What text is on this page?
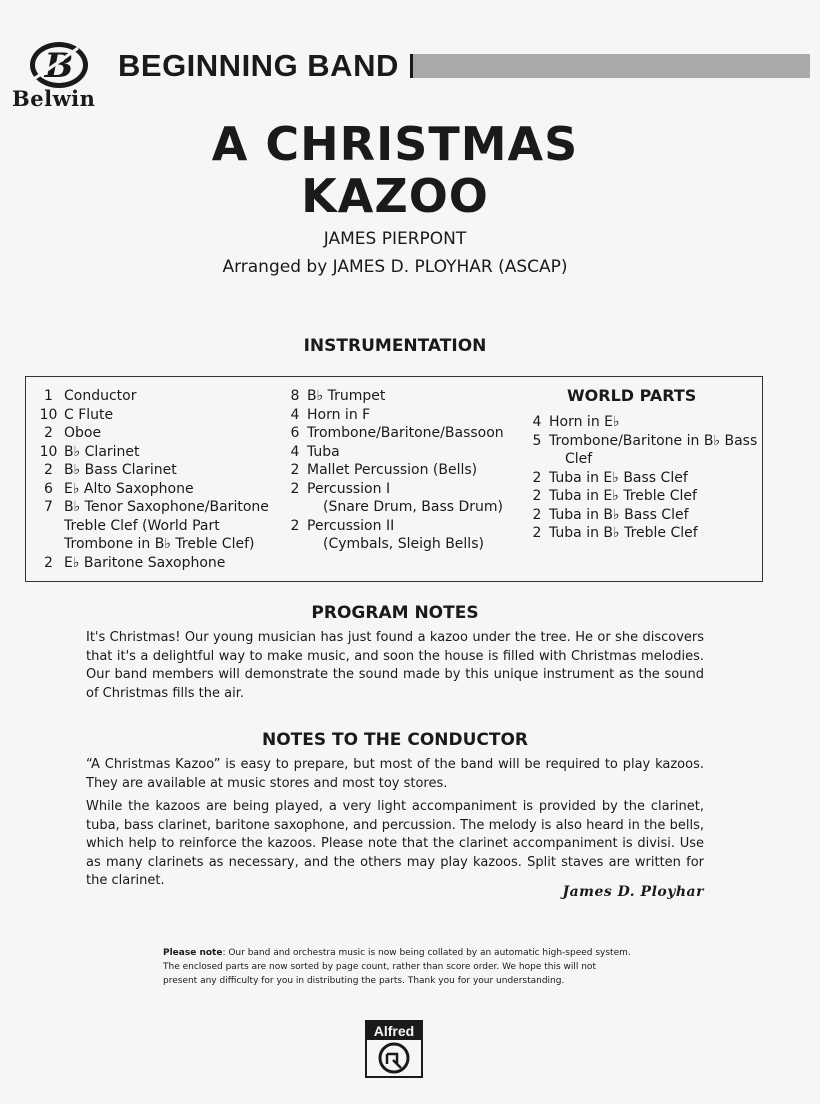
B
Belwin
BEGINNING BAND
A CHRISTMAS
KAZOO
JAMES PIERPONT
Arranged by JAMES D. PLOYHAR (ASCAP)
INSTRUMENTATION
1 Conductor
10 C Flute
2 Oboe
10 B♭ Clarinet
2 B♭ Bass Clarinet
6 E♭ Alto Saxophone
7 B♭ Tenor Saxophone/Baritone
Treble Clef (World Part
Trombone in B♭ Treble Clef)
2 E♭ Baritone Saxophone
8 B♭ Trumpet
4 Horn in F
6 Trombone/Baritone/Bassoon
4 Tuba
2 Mallet Percussion (Bells)
2 Percussion I
(Snare Drum, Bass Drum)
2 Percussion II
(Cymbals, Sleigh Bells)
WORLD PARTS
4 Horn in E♭
5 Trombone/Baritone in B♭ Bass
Clef
2 Tuba in E♭ Bass Clef
2 Tuba in E♭ Treble Clef
2 Tuba in B♭ Bass Clef
2 Tuba in B♭ Treble Clef
PROGRAM NOTES
It's Christmas! Our young musician has just found a kazoo under the tree. He or she discovers that it's a delightful way to make music, and soon the house is filled with Christmas melodies. Our band members will demonstrate the sound made by this unique instrument as the sound of Christmas fills the air.
NOTES TO THE CONDUCTOR
“A Christmas Kazoo” is easy to prepare, but most of the band will be required to play kazoos. They are available at music stores and most toy stores.
While the kazoos are being played, a very light accompaniment is provided by the clarinet, tuba, bass clarinet, baritone saxophone, and percussion. The melody is also heard in the bells, which help to reinforce the kazoos. Please note that the clarinet accompaniment is divisi. Use as many clarinets as necessary, and the others may play kazoos. Split staves are written for the clarinet.
James D. Ployhar
Please note: Our band and orchestra music is now being collated by an automatic high-speed system. The enclosed parts are now sorted by page count, rather than score order. We hope this will not present any difficulty for you in distributing the parts. Thank you for your understanding.
Alfred
